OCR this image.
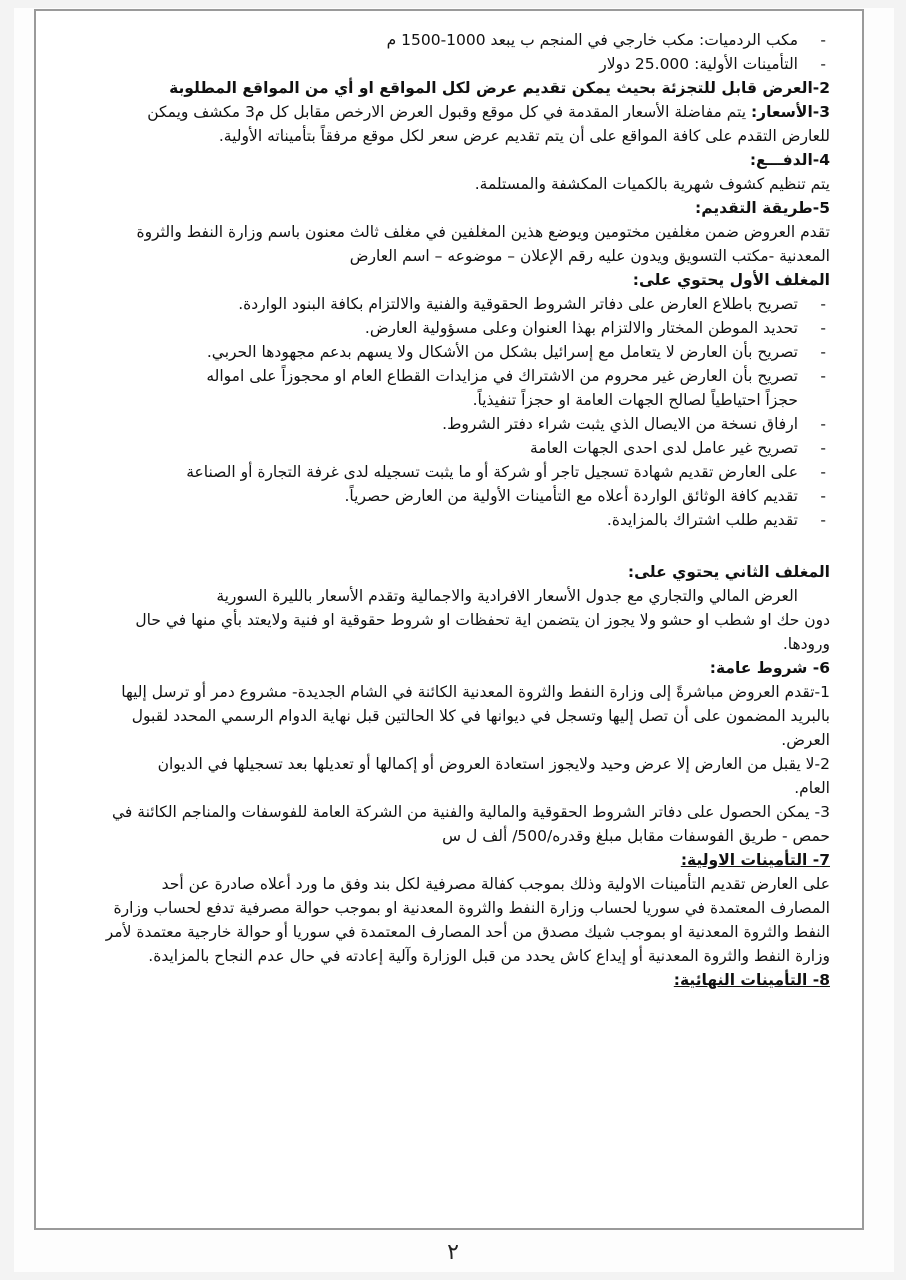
- مكب الردميات: مكب خارجي في المنجم ب يبعد 1000-1500 م
- التأمينات الأولية: 25.000 دولار
2-العرض قابل للتجزئة بحيث يمكن تقديم عرض لكل المواقع او أي من المواقع المطلوبة
3-الأسعار: يتم مفاضلة الأسعار المقدمة في كل موقع وقبول العرض الارخص مقابل كل م3 مكشف ويمكن
للعارض التقدم على كافة المواقع على أن يتم تقديم عرض سعر لكل موقع مرفقاً بتأميناته الأولية.
4-الدفـــع:
يتم تنظيم كشوف شهرية بالكميات المكشفة والمستلمة.
5-طريقة التقديم:
تقدم العروض ضمن مغلفين مختومين ويوضع هذين المغلفين في مغلف ثالث معنون باسم وزارة النفط والثروة
المعدنية -مكتب التسويق ويدون عليه رقم الإعلان – موضوعه – اسم العارض
المغلف الأول يحتوي على:
- تصريح باطلاع العارض على دفاتر الشروط الحقوقية والفنية والالتزام بكافة البنود الواردة.
- تحديد الموطن المختار والالتزام بهذا العنوان وعلى مسؤولية العارض.
- تصريح بأن العارض لا يتعامل مع إسرائيل بشكل من الأشكال ولا يسهم بدعم مجهودها الحربي.
- تصريح بأن العارض غير محروم من الاشتراك في مزايدات القطاع العام او محجوزاً على امواله
حجزاً احتياطياً لصالح الجهات العامة او حجزاً تنفيذياً.
- ارفاق نسخة من الايصال الذي يثبت شراء دفتر الشروط.
- تصريح غير عامل لدى احدى الجهات العامة
- على العارض تقديم شهادة تسجيل تاجر أو شركة أو ما يثبت تسجيله لدى غرفة التجارة أو الصناعة
- تقديم كافة الوثائق الواردة أعلاه مع التأمينات الأولية من العارض حصرياً.
- تقديم طلب اشتراك بالمزايدة.
المغلف الثاني يحتوي على:
العرض المالي والتجاري مع جدول الأسعار الافرادية والاجمالية وتقدم الأسعار بالليرة السورية
دون حك او شطب او حشو ولا يجوز ان يتضمن اية تحفظات او شروط حقوقية او فنية ولايعتد بأي منها في حال
ورودها.
6- شروط عامة:
1-تقدم العروض مباشرةً إلى وزارة النفط والثروة المعدنية الكائنة في الشام الجديدة- مشروع دمر أو ترسل إليها
بالبريد المضمون على أن تصل إليها وتسجل في ديوانها في كلا الحالتين قبل نهاية الدوام الرسمي المحدد لقبول
العرض.
2-لا يقبل من العارض إلا عرض وحيد ولايجوز استعادة العروض أو إكمالها أو تعديلها بعد تسجيلها في الديوان
العام.
3- يمكن الحصول على دفاتر الشروط الحقوقية والمالية والفنية من الشركة العامة للفوسفات والمناجم الكائنة في
حمص - طريق الفوسفات مقابل مبلغ وقدره/500/ ألف ل س
7- التأمينات الاولية:
على العارض تقديم التأمينات الاولية وذلك بموجب كفالة مصرفية لكل بند وفق ما ورد أعلاه صادرة عن أحد
المصارف المعتمدة في سوريا لحساب وزارة النفط والثروة المعدنية او بموجب حوالة مصرفية تدفع لحساب وزارة
النفط والثروة المعدنية او بموجب شيك مصدق من أحد المصارف المعتمدة في سوريا أو حوالة خارجية معتمدة لأمر
وزارة النفط والثروة المعدنية أو إيداع كاش يحدد من قبل الوزارة وآلية إعادته في حال عدم النجاح بالمزايدة.
8- التأمينات النهائية:
٢
